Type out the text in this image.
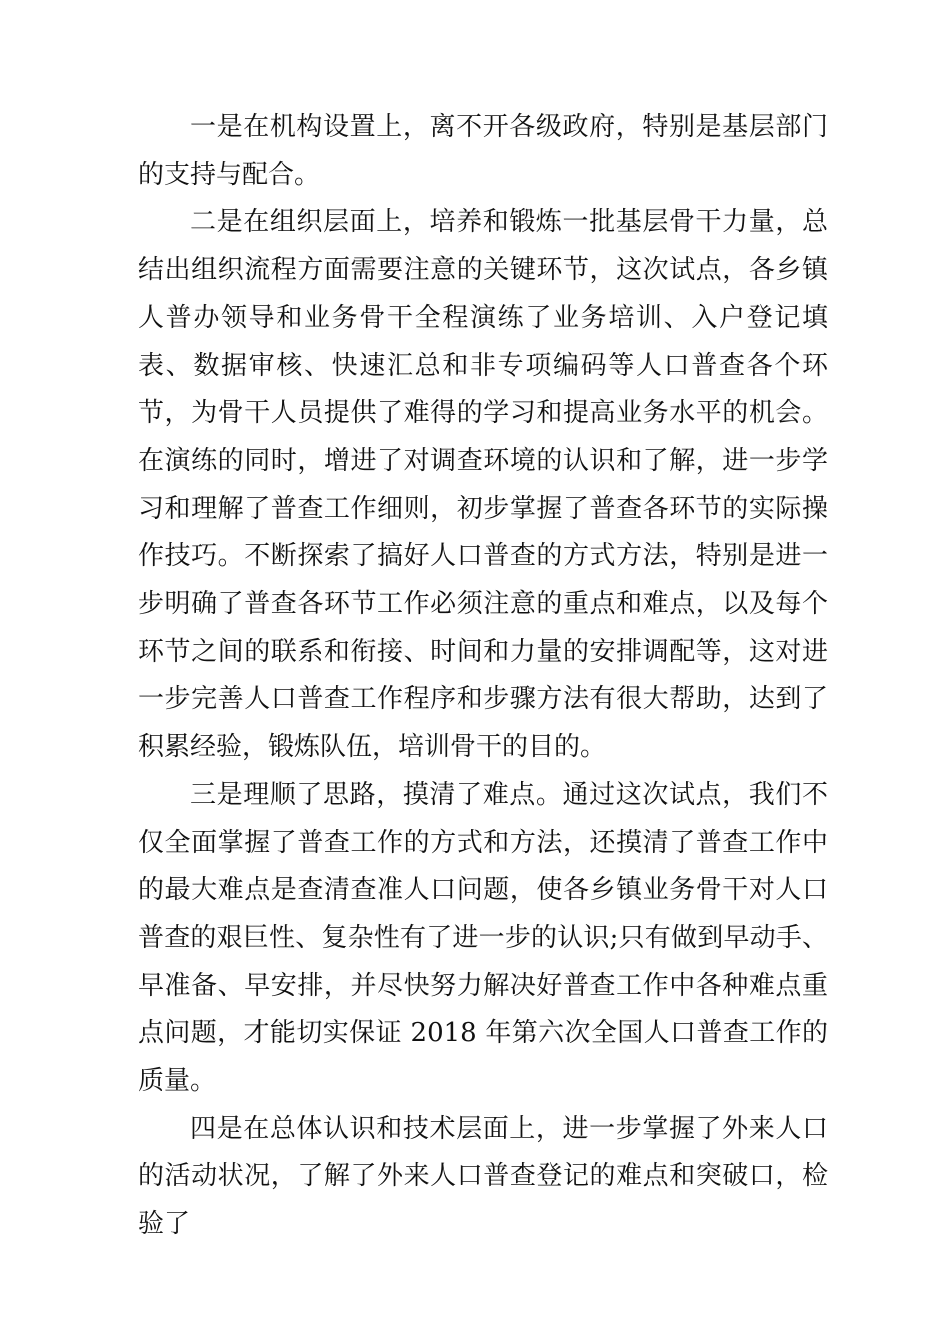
一是在机构设置上，离不开各级政府，特别是基层部门的支持与配合。

二是在组织层面上，培养和锻炼一批基层骨干力量，总结出组织流程方面需要注意的关键环节，这次试点，各乡镇人普办领导和业务骨干全程演练了业务培训、入户登记填表、数据审核、快速汇总和非专项编码等人口普查各个环节，为骨干人员提供了难得的学习和提高业务水平的机会。在演练的同时，增进了对调查环境的认识和了解，进一步学习和理解了普查工作细则，初步掌握了普查各环节的实际操作技巧。不断探索了搞好人口普查的方式方法，特别是进一步明确了普查各环节工作必须注意的重点和难点，以及每个环节之间的联系和衔接、时间和力量的安排调配等，这对进一步完善人口普查工作程序和步骤方法有很大帮助，达到了积累经验，锻炼队伍，培训骨干的目的。

三是理顺了思路，摸清了难点。通过这次试点，我们不仅全面掌握了普查工作的方式和方法，还摸清了普查工作中的最大难点是查清查准人口问题，使各乡镇业务骨干对人口普查的艰巨性、复杂性有了进一步的认识;只有做到早动手、早准备、早安排，并尽快努力解决好普查工作中各种难点重点问题，才能切实保证 2018 年第六次全国人口普查工作的质量。

四是在总体认识和技术层面上，进一步掌握了外来人口的活动状况，了解了外来人口普查登记的难点和突破口，检验了
